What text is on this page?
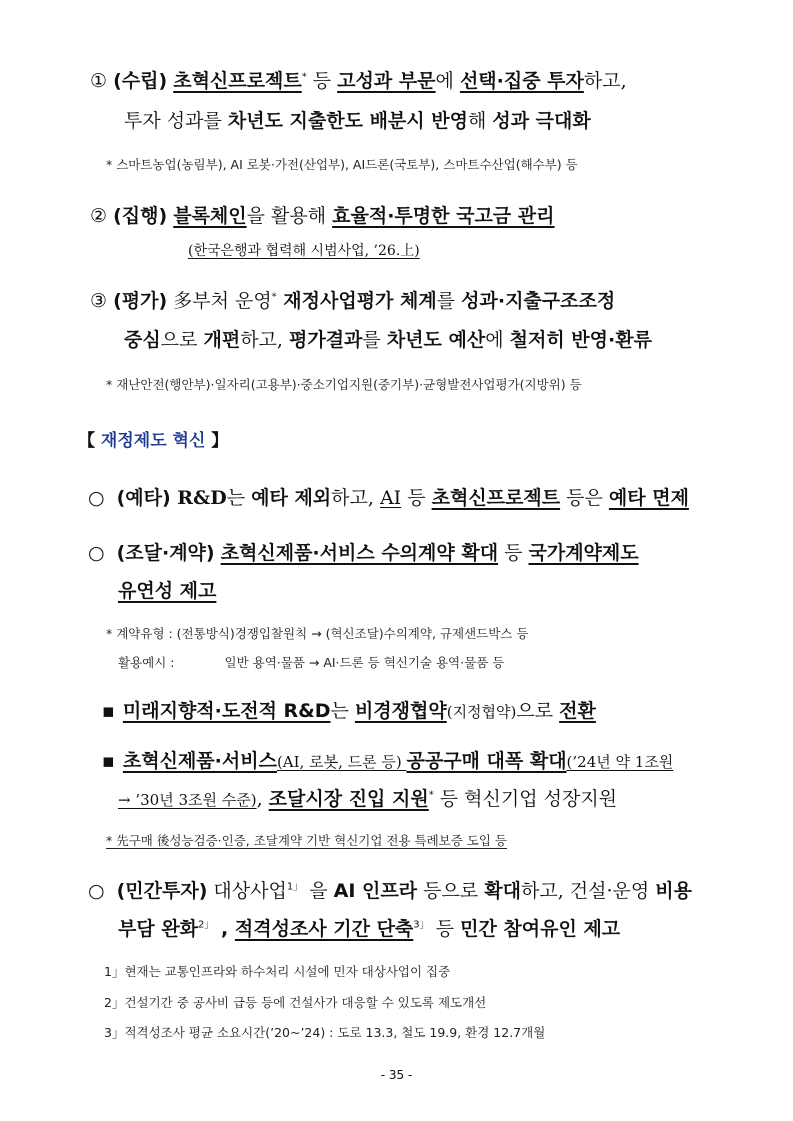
① (수립) 초혁신프로젝트* 등 고성과 부문에 선택·집중 투자하고,
투자 성과를 차년도 지출한도 배분시 반영해 성과 극대화
* 스마트농업(농림부), AI 로봇·가전(산업부), AI드론(국토부), 스마트수산업(해수부) 등
② (집행) 블록체인을 활용해 효율적·투명한 국고금 관리
(한국은행과 협력해 시범사업, ’26.上)
③ (평가) 多부처 운영* 재정사업평가 체계를 성과·지출구조조정
중심으로 개편하고, 평가결과를 차년도 예산에 철저히 반영·환류
* 재난안전(행안부)·일자리(고용부)·중소기업지원(중기부)·균형발전사업평가(지방위) 등
【 재정제도 혁신 】
○ (예타) R&D는 예타 제외하고, AI 등 초혁신프로젝트 등은 예타 면제
○ (조달·계약) 초혁신제품·서비스 수의계약 확대 등 국가계약제도
유연성 제고
* 계약유형 : (전통방식)경쟁입찰원칙 → (혁신조달)수의계약, 규제샌드박스 등
활용예시 :	일반 용역·물품 → AI·드론 등 혁신기술 용역·물품 등
▪ 미래지향적·도전적 R&D는 비경쟁협약(지정협약)으로 전환
▪ 초혁신제품·서비스(AI, 로봇, 드론 등) 공공구매 대폭 확대(’24년 약 1조원
→ ’30년 3조원 수준), 조달시장 진입 지원* 등 혁신기업 성장지원
* 先구매 後성능검증·인증, 조달계약 기반 혁신기업 전용 특례보증 도입 등
○ (민간투자) 대상사업$^{1」}$ 을 AI 인프라 등으로 확대하고, 건설·운영 비용
부담 완화$^{2」}$ , 적격성조사 기간 단축$^{3」}$ 등 민간 참여유인 제고
1」현재는 교통인프라와 하수처리 시설에 민자 대상사업이 집중
2」건설기간 중 공사비 급등 등에 건설사가 대응할 수 있도록 제도개선
3」적격성조사 평균 소요시간(’20~’24) : 도로 13.3, 철도 19.9, 환경 12.7개월
- 35 -
